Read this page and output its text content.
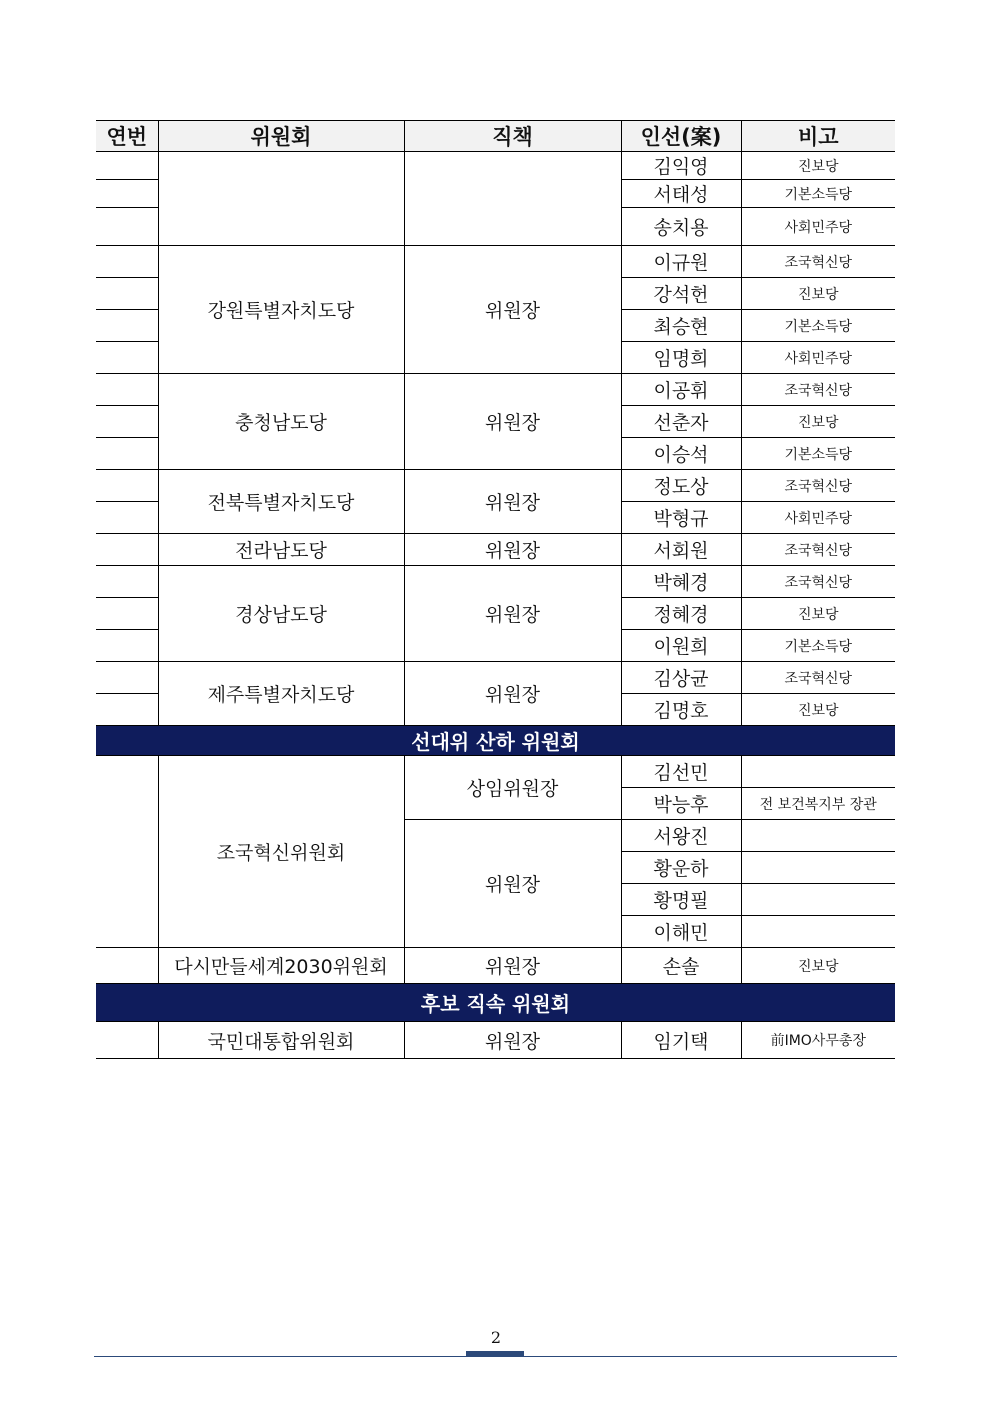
연번	위원회	직책	인선(案)	비고
			김익영	진보당
			서태성	기본소득당
			송치용	사회민주당
	강원특별자치도당	위원장	이규원	조국혁신당
			강석헌	진보당
			최승현	기본소득당
			임명희	사회민주당
	충청남도당	위원장	이공휘	조국혁신당
			선춘자	진보당
			이승석	기본소득당
	전북특별자치도당	위원장	정도상	조국혁신당
			박형규	사회민주당
	전라남도당	위원장	서회원	조국혁신당
	경상남도당	위원장	박혜경	조국혁신당
			정혜경	진보당
			이원희	기본소득당
	제주특별자치도당	위원장	김상균	조국혁신당
			김명호	진보당
선대위 산하 위원회				
	조국혁신위원회	상임위원장	김선민	
			박능후	전 보건복지부 장관
		위원장	서왕진	
			황운하	
			황명필	
			이해민	
	다시만들세계2030위원회	위원장	손솔	진보당
후보 직속 위원회				
	국민대통합위원회	위원장	임기택	前IMO사무총장
2
